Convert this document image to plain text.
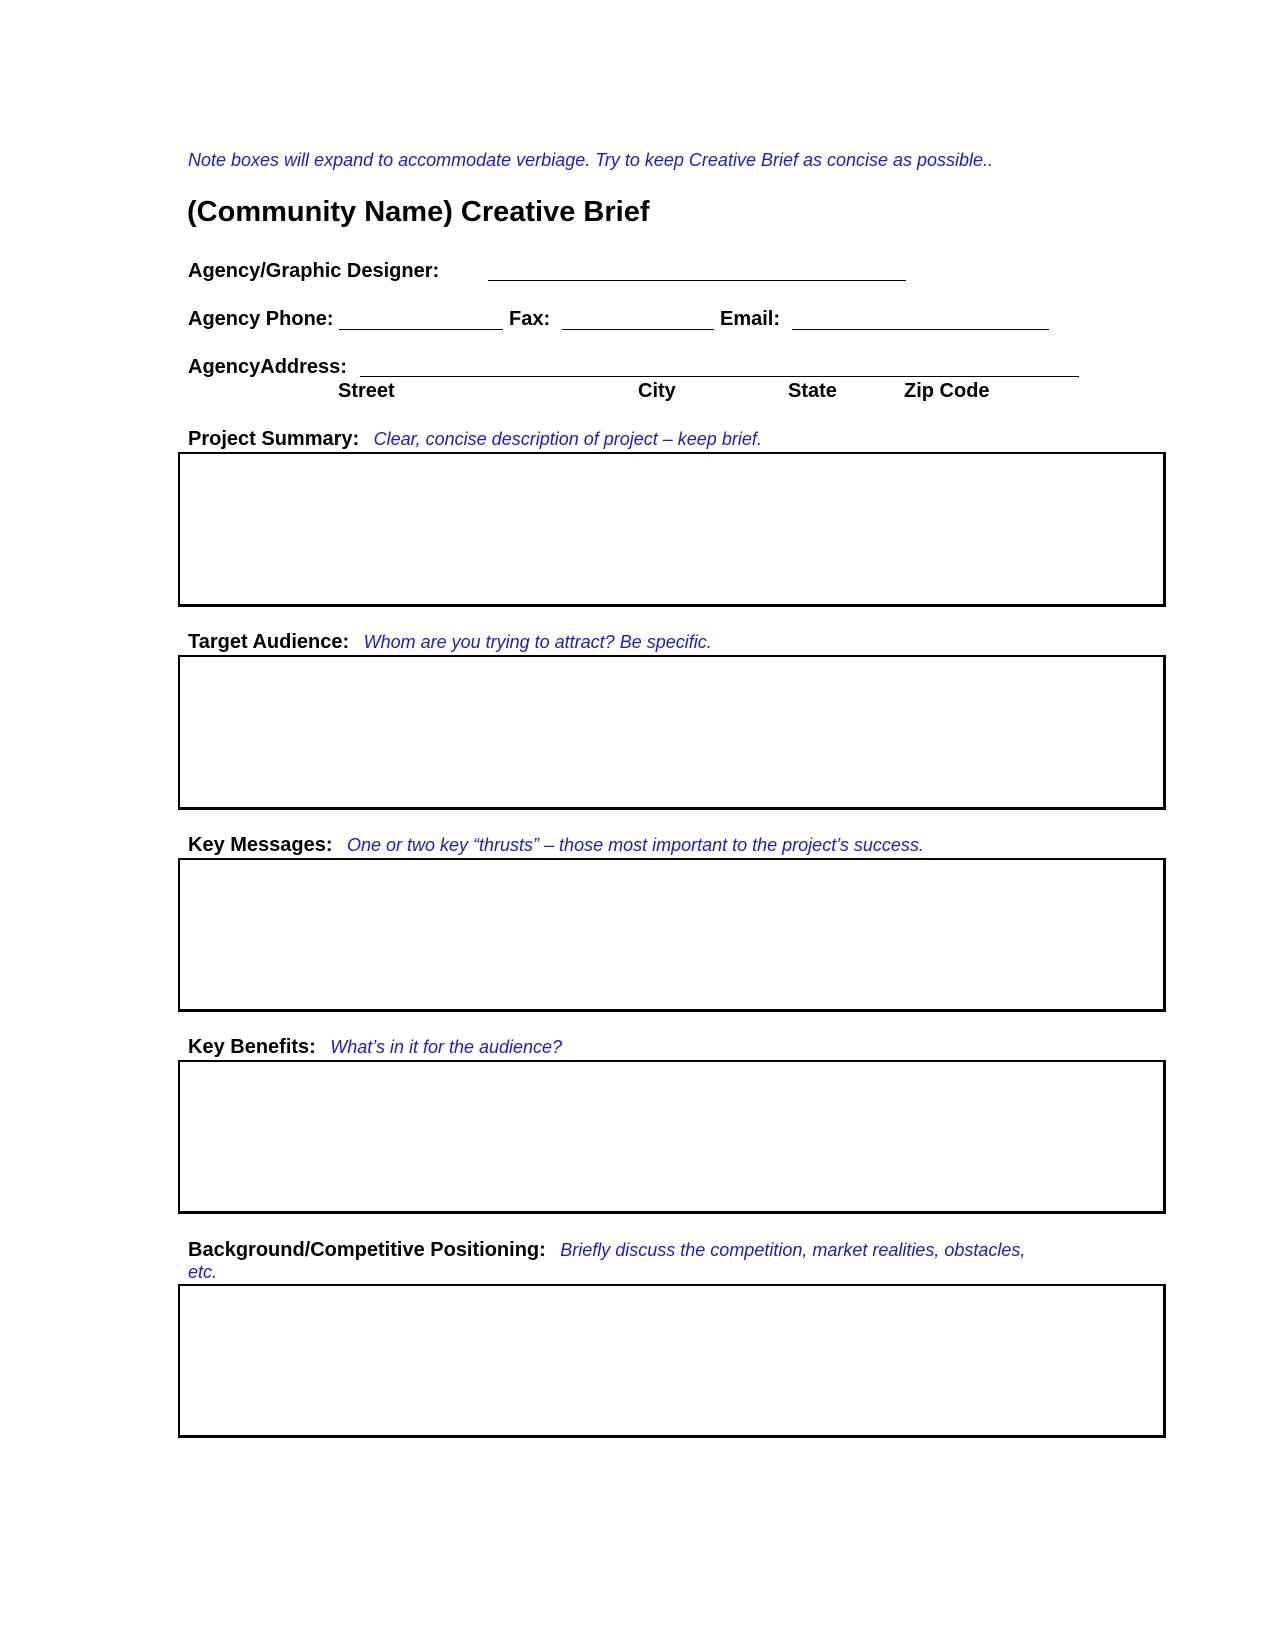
Note boxes will expand to accommodate verbiage. Try to keep Creative Brief as concise as possible..
(Community Name) Creative Brief
Agency/Graphic Designer:
Agency Phone:	Fax:	Email:
AgencyAddress:
Street	City	State	Zip Code
Project Summary: Clear, concise description of project – keep brief.
Target Audience: Whom are you trying to attract? Be specific.
Key Messages: One or two key “thrusts” – those most important to the project’s success.
Key Benefits: What’s in it for the audience?
Background/Competitive Positioning: Briefly discuss the competition, market realities, obstacles,
etc.
